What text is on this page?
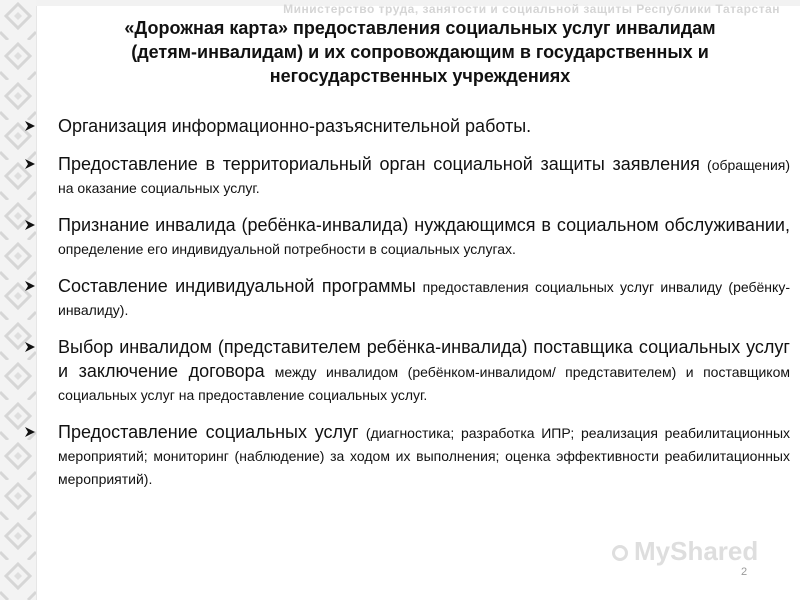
Министерство труда, занятости и социальной защиты Республики Татарстан
«Дорожная карта» предоставления социальных услуг инвалидам (детям-инвалидам) и их сопровождающим в государственных и негосударственных учреждениях
Организация информационно-разъяснительной работы.
Предоставление в территориальный орган социальной защиты заявления (обращения) на оказание социальных услуг.
Признание инвалида (ребёнка-инвалида) нуждающимся в социальном обслуживании, определение его индивидуальной потребности в социальных услугах.
Составление индивидуальной программы предоставления социальных услуг инвалиду (ребёнку-инвалиду).
Выбор инвалидом (представителем ребёнка-инвалида) поставщика социальных услуг и заключение договора между инвалидом (ребёнком-инвалидом/ представителем) и поставщиком социальных услуг на предоставление социальных услуг.
Предоставление социальных услуг (диагностика; разработка ИПР; реализация реабилитационных мероприятий; мониторинг (наблюдение) за ходом их выполнения; оценка эффективности реабилитационных мероприятий).
MyShared
2
